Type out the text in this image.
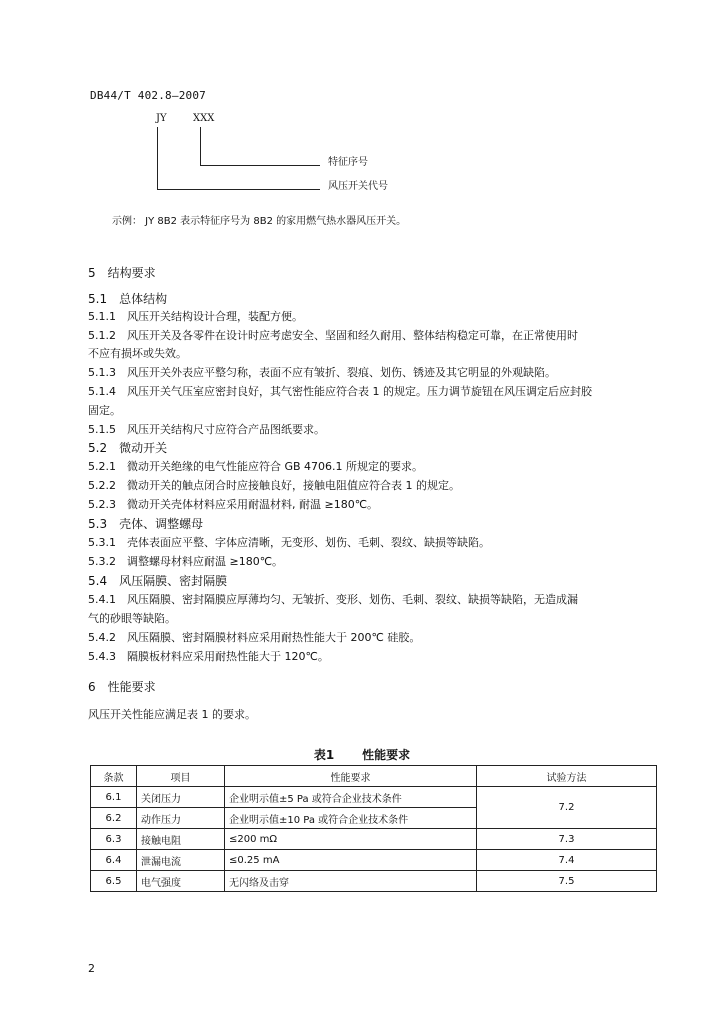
DB44/T 402.8—2007
JY	XXX
特征序号
风压开关代号
示例： JY 8B2 表示特征序号为 8B2 的家用燃气热水器风压开关。
5　结构要求
5.1　总体结构
5.1.1　风压开关结构设计合理，装配方便。
5.1.2　风压开关及各零件在设计时应考虑安全、坚固和经久耐用、整体结构稳定可靠，在正常使用时
不应有损坏或失效。
5.1.3　风压开关外表应平整匀称，表面不应有皱折、裂痕、划伤、锈迹及其它明显的外观缺陷。
5.1.4　风压开关气压室应密封良好，其气密性能应符合表 1 的规定。压力调节旋钮在风压调定后应封胶
固定。
5.1.5　风压开关结构尺寸应符合产品图纸要求。
5.2　微动开关
5.2.1　微动开关绝缘的电气性能应符合 GB 4706.1 所规定的要求。
5.2.2　微动开关的触点闭合时应接触良好，接触电阻值应符合表 1 的规定。
5.2.3　微动开关壳体材料应采用耐温材料, 耐温 ≥180℃。
5.3　壳体、调整螺母
5.3.1　壳体表面应平整、字体应清晰，无变形、划伤、毛刺、裂纹、缺损等缺陷。
5.3.2　调整螺母材料应耐温 ≥180℃。
5.4　风压隔膜、密封隔膜
5.4.1　风压隔膜、密封隔膜应厚薄均匀、无皱折、变形、划伤、毛刺、裂纹、缺损等缺陷，无造成漏
气的砂眼等缺陷。
5.4.2　风压隔膜、密封隔膜材料应采用耐热性能大于 200℃ 硅胶。
5.4.3　隔膜板材料应采用耐热性能大于 120℃。
6　性能要求
风压开关性能应满足表 1 的要求。
表1 性能要求
条款	项目	性能要求	试验方法
6.1	关闭压力	企业明示值±5 Pa 或符合企业技术条件	7.2
6.2	动作压力	企业明示值±10 Pa 或符合企业技术条件	
6.3	接触电阻	≤200 mΩ	7.3
6.4	泄漏电流	≤0.25 mA	7.4
6.5	电气强度	无闪络及击穿	7.5
2
